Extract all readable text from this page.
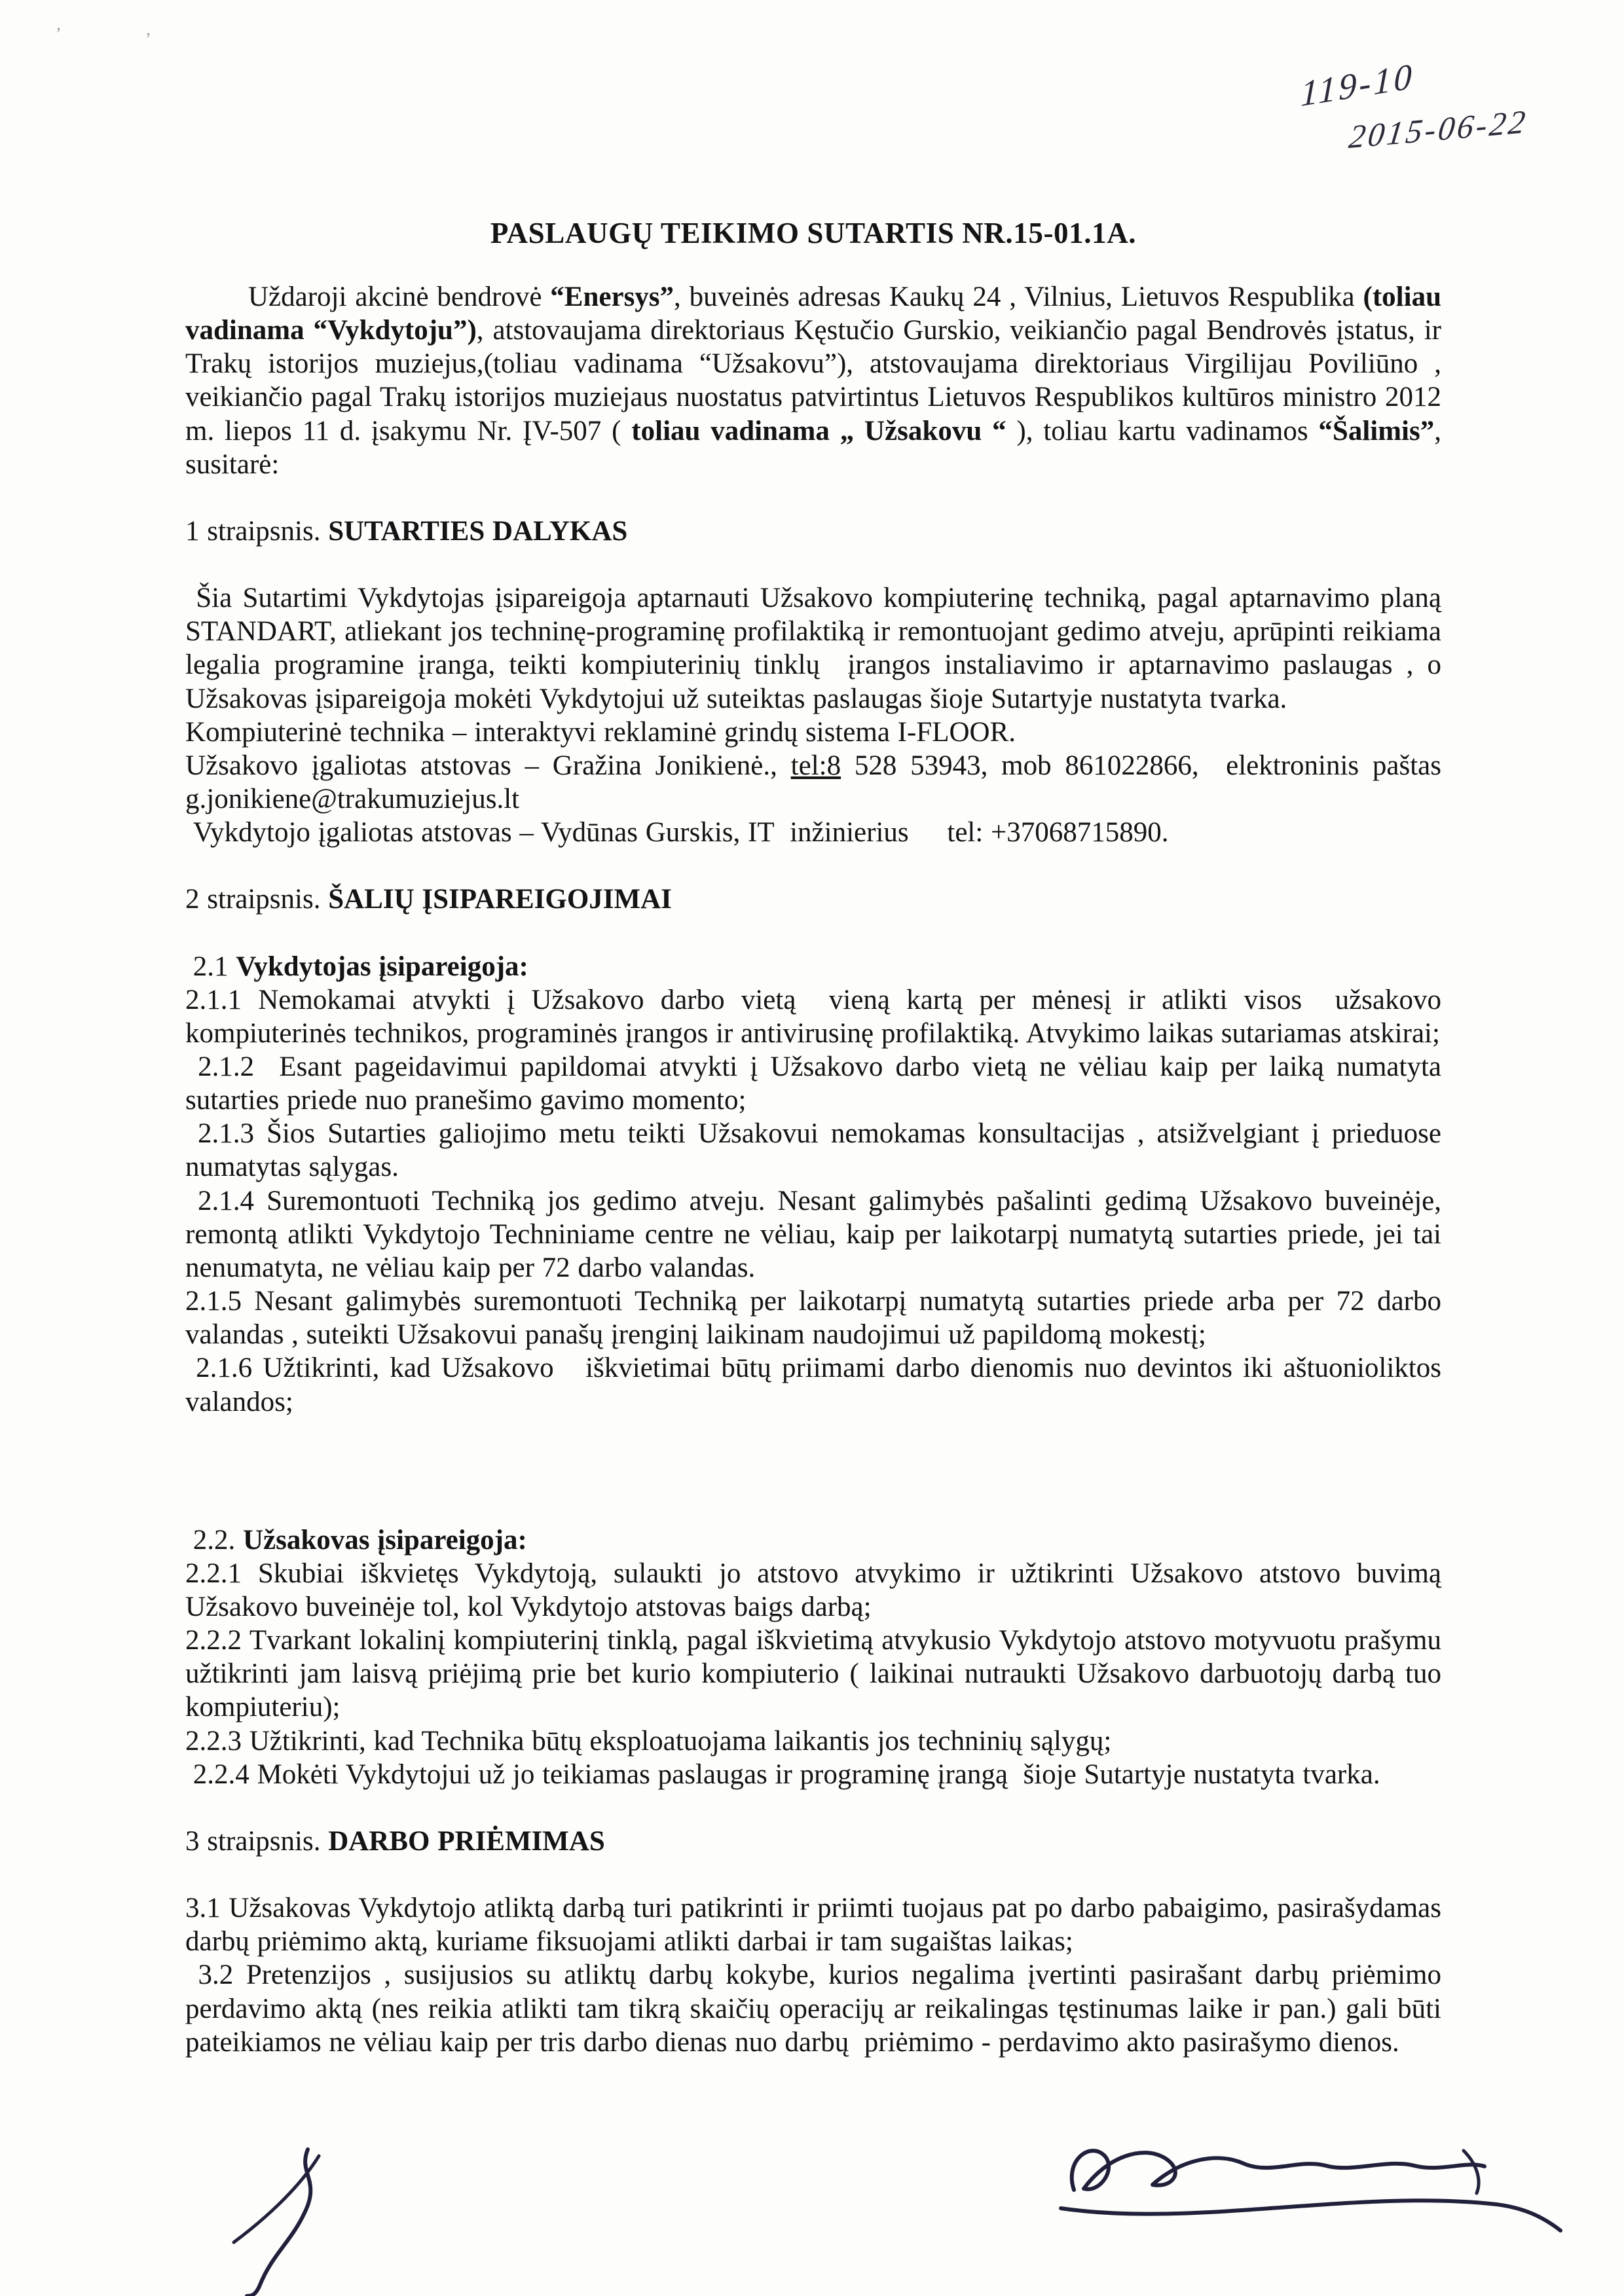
‚	‚
119-10
2015-06-22
PASLAUGŲ TEIKIMO SUTARTIS NR.15-01.1A.

Uždaroji akcinė bendrovė “Enersys”, buveinės adresas Kaukų 24 , Vilnius, Lietuvos Respublika (toliau vadinama “Vykdytoju”), atstovaujama direktoriaus Kęstučio Gurskio, veikiančio pagal Bendrovės įstatus, ir Trakų istorijos muziejus,(toliau vadinama “Užsakovu”), atstovaujama direktoriaus Virgilijau Poviliūno , veikiančio pagal Trakų istorijos muziejaus nuostatus patvirtintus Lietuvos Respublikos kultūros ministro 2012 m. liepos 11 d. įsakymu Nr. ĮV-507 ( toliau vadinama „ Užsakovu “ ), toliau kartu vadinamos “Šalimis”, susitarė:

1 straipsnis. SUTARTIES DALYKAS

Šia Sutartimi Vykdytojas įsipareigoja aptarnauti Užsakovo kompiuterinę techniką, pagal aptarnavimo planą STANDART, atliekant jos techninę-programinę profilaktiką ir remontuojant gedimo atveju, aprūpinti reikiama legalia programine įranga, teikti kompiuterinių tinklų  įrangos instaliavimo ir aptarnavimo paslaugas , o Užsakovas įsipareigoja mokėti Vykdytojui už suteiktas paslaugas šioje Sutartyje nustatyta tvarka.

Kompiuterinė technika – interaktyvi reklaminė grindų sistema I-FLOOR.

Užsakovo įgaliotas atstovas – Gražina Jonikienė., tel:8 528 53943, mob 861022866,  elektroninis paštas g.jonikiene@trakumuziejus.lt

Vykdytojo įgaliotas atstovas – Vydūnas Gurskis, IT  inžinierius     tel: +37068715890.

2 straipsnis. ŠALIŲ ĮSIPAREIGOJIMAI

2.1 Vykdytojas įsipareigoja:

2.1.1 Nemokamai atvykti į Užsakovo darbo vietą  vieną kartą per mėnesį ir atlikti visos  užsakovo kompiuterinės technikos, programinės įrangos ir antivirusinę profilaktiką. Atvykimo laikas sutariamas atskirai;

2.1.2  Esant pageidavimui papildomai atvykti į Užsakovo darbo vietą ne vėliau kaip per laiką numatyta sutarties priede nuo pranešimo gavimo momento;

2.1.3 Šios Sutarties galiojimo metu teikti Užsakovui nemokamas konsultacijas , atsižvelgiant į prieduose numatytas sąlygas.

2.1.4 Suremontuoti Techniką jos gedimo atveju. Nesant galimybės pašalinti gedimą Užsakovo buveinėje, remontą atlikti Vykdytojo Techniniame centre ne vėliau, kaip per laikotarpį numatytą sutarties priede, jei tai nenumatyta, ne vėliau kaip per 72 darbo valandas.

2.1.5 Nesant galimybės suremontuoti Techniką per laikotarpį numatytą sutarties priede arba per 72 darbo valandas , suteikti Užsakovui panašų įrenginį laikinam naudojimui už papildomą mokestį;

2.1.6 Užtikrinti, kad Užsakovo   iškvietimai būtų priimami darbo dienomis nuo devintos iki aštuonioliktos valandos;

2.2. Užsakovas įsipareigoja:

2.2.1 Skubiai iškvietęs Vykdytoją, sulaukti jo atstovo atvykimo ir užtikrinti Užsakovo atstovo buvimą Užsakovo buveinėje tol, kol Vykdytojo atstovas baigs darbą;

2.2.2 Tvarkant lokalinį kompiuterinį tinklą, pagal iškvietimą atvykusio Vykdytojo atstovo motyvuotu prašymu užtikrinti jam laisvą priėjimą prie bet kurio kompiuterio ( laikinai nutraukti Užsakovo darbuotojų darbą tuo kompiuteriu);

2.2.3 Užtikrinti, kad Technika būtų eksploatuojama laikantis jos techninių sąlygų;

2.2.4 Mokėti Vykdytojui už jo teikiamas paslaugas ir programinę įrangą  šioje Sutartyje nustatyta tvarka.

3 straipsnis. DARBO PRIĖMIMAS

3.1 Užsakovas Vykdytojo atliktą darbą turi patikrinti ir priimti tuojaus pat po darbo pabaigimo, pasirašydamas darbų priėmimo aktą, kuriame fiksuojami atlikti darbai ir tam sugaištas laikas;

3.2 Pretenzijos , susijusios su atliktų darbų kokybe, kurios negalima įvertinti pasirašant darbų priėmimo perdavimo aktą (nes reikia atlikti tam tikrą skaičių operacijų ar reikalingas tęstinumas laike ir pan.) gali būti pateikiamos ne vėliau kaip per tris darbo dienas nuo darbų  priėmimo - perdavimo akto pasirašymo dienos.
